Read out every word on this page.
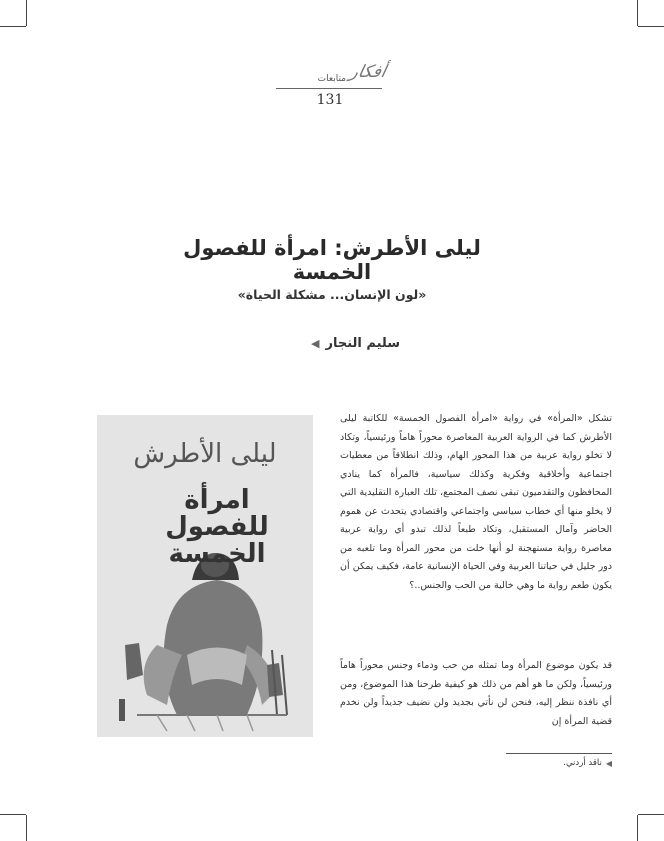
متابعات أفكار
131
ليلى الأطرش: امرأة للفصول الخمسة
«لون الإنسان... مشكلة الحياة»
سليم النجار
◀
ليلى الأطرش
امرأة
للفصول
الخمسة

تشكل «المرأة» في رواية «امرأة الفصول الخمسة» للكاتبة ليلى الأطرش كما في الرواية العربية المعاصرة محوراً هاماً ورئيسياً، وتكاد لا تخلو رواية عربية من هذا المحور الهام، وذلك انطلاقاً من معطيات اجتماعية وأخلاقية وفكرية وكذلك سياسية، فالمرأة كما ينادي المحافظون والتقدميون تبقى نصف المجتمع، تلك العبارة التقليدية التي لا يخلو منها أي خطاب سياسي واجتماعي واقتصادي يتحدث عن هموم الحاضر وآمال المستقبل، وتكاد طبعاً لذلك تبدو أي رواية عربية معاصرة رواية مستهجنة لو أنها خلت من محور المرأة وما تلعبه من دور جليل في حياتنا العربية وفي الحياة الإنسانية عامة، فكيف يمكن أن يكون طعم رواية ما وهي خالية من الحب والجنس..؟

قد يكون موضوع المرأة وما تمثله من حب ودماء وجنس محوراً هاماً ورئيسياً، ولكن ما هو أهم من ذلك هو كيفية طرحنا هذا الموضوع، ومن أي نافذة ننظر إليه، فنحن لن نأتي بجديد ولن نضيف جديداً ولن نخدم قضية المرأة إن

◀
ناقد أردني.
